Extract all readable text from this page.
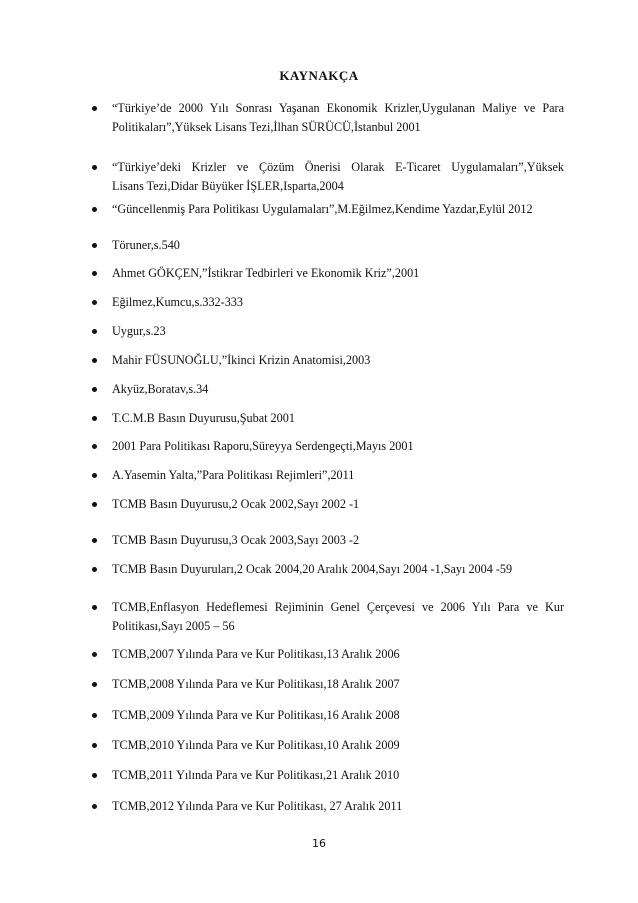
KAYNAKÇA
“Türkiye’de 2000 Yılı Sonrası Yaşanan Ekonomik Krizler,Uygulanan Maliye ve Para
Politikaları”,Yüksek Lisans Tezi,İlhan SÜRÜCÜ,İstanbul 2001
“Türkiye’deki Krizler ve Çözüm Önerisi Olarak E-Ticaret Uygulamaları”,Yüksek
Lisans Tezi,Didar Büyüker İŞLER,Isparta,2004
“Güncellenmiş Para Politikası Uygulamaları”,M.Eğilmez,Kendime Yazdar,Eylül 2012
Töruner,s.540
Ahmet GÖKÇEN,”İstikrar Tedbirleri ve Ekonomik Kriz”,2001
Eğilmez,Kumcu,s.332-333
Uygur,s.23
Mahir FÜSUNOĞLU,”İkinci Krizin Anatomisi,2003
Akyüz,Boratav,s.34
T.C.M.B Basın Duyurusu,Şubat 2001
2001 Para Politikası Raporu,Süreyya Serdengeçti,Mayıs 2001
A.Yasemin Yalta,”Para Politikası Rejimleri”,2011
TCMB Basın Duyurusu,2 Ocak 2002,Sayı 2002 -1
TCMB Basın Duyurusu,3 Ocak 2003,Sayı 2003 -2
TCMB Basın Duyuruları,2 Ocak 2004,20 Aralık 2004,Sayı 2004 -1,Sayı 2004 -59
TCMB,Enflasyon Hedeflemesi Rejiminin Genel Çerçevesi ve 2006 Yılı Para ve Kur
Politikası,Sayı 2005 – 56
TCMB,2007 Yılında Para ve Kur Politikası,13 Aralık 2006
TCMB,2008 Yılında Para ve Kur Politikası,18 Aralık 2007
TCMB,2009 Yılında Para ve Kur Politikası,16 Aralık 2008
TCMB,2010 Yılında Para ve Kur Politikası,10 Aralık 2009
TCMB,2011 Yılında Para ve Kur Politikası,21 Aralık 2010
TCMB,2012 Yılında Para ve Kur Politikası, 27 Aralık 2011
16
